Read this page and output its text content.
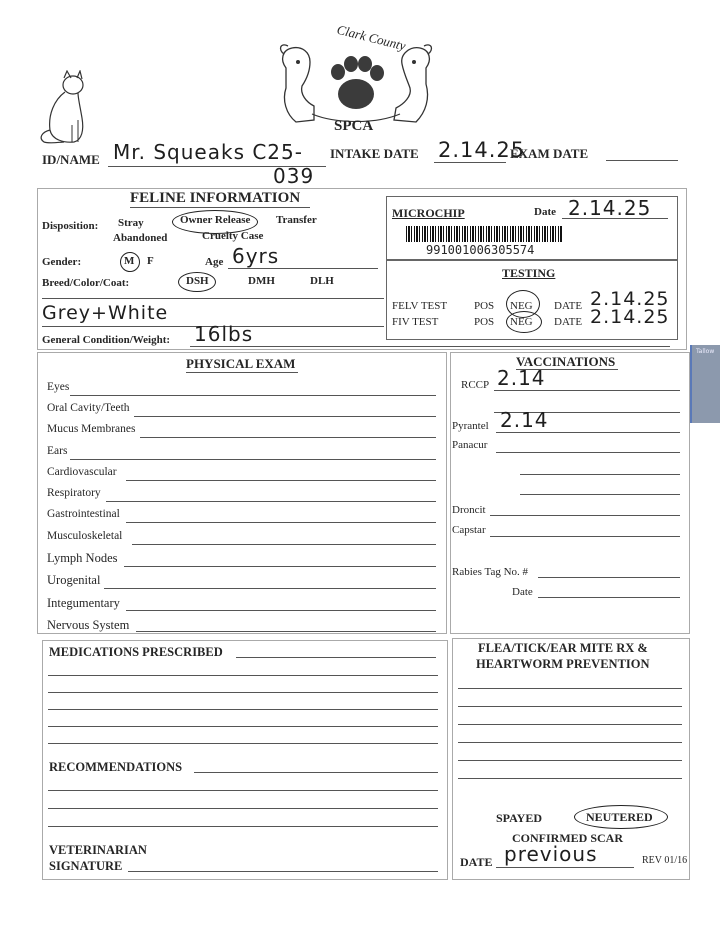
Clark County
SPCA
ID/NAME Mr. Squeaks C25-
039
INTAKE DATE 2.14.25
EXAM DATE
FELINE INFORMATION
Disposition: Stray	Owner Release Transfer
Abandoned	Cruelty Case
Gender:	M F	Age 6yrs
Breed/Color/Coat:	DSH	DMH	DLH
Grey+White
General Condition/Weight: 16lbs
MICROCHIP	Date 2.14.25
991001006305574
TESTING
FELV TEST POS NEG DATE 2.14.25
FIV TEST	POS NEG DATE 2.14.25
PHYSICAL EXAM
Eyes
Oral Cavity/Teeth
Mucus Membranes
Ears
Cardiovascular
Respiratory
Gastrointestinal
Musculoskeletal
Lymph Nodes
Urogenital
Integumentary
Nervous System
VACCINATIONS
RCCP 2.14
Pyrantel 2.14
Panacur
Droncit
Capstar
Rabies Tag No. #
Date
MEDICATIONS PRESCRIBED
RECOMMENDATIONS
VETERINARIAN
SIGNATURE
FLEA/TICK/EAR MITE RX &
HEARTWORM PREVENTION
SPAYED	NEUTERED
CONFIRMED SCAR
DATE previous	REV 01/16
Tallow
